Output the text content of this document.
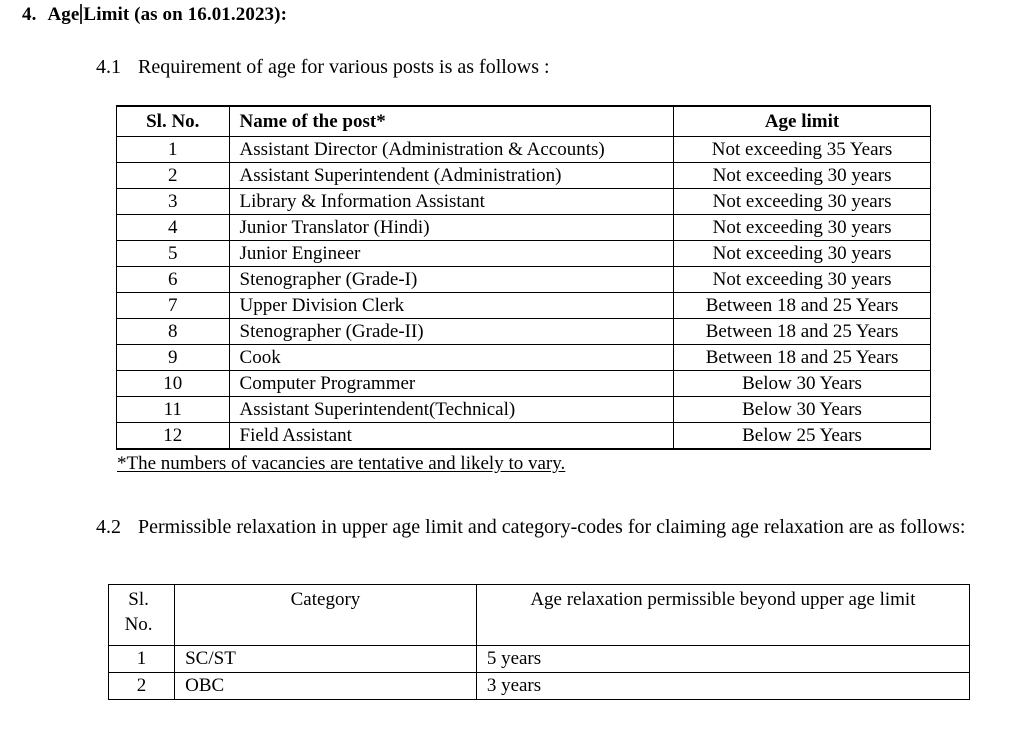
4. Age Limit (as on 16.01.2023):
4.1 Requirement of age for various posts is as follows :
Sl. No.	Name of the post*	Age limit
1	Assistant Director (Administration & Accounts)	Not exceeding 35 Years
2	Assistant Superintendent (Administration)	Not exceeding 30 years
3	Library & Information Assistant	Not exceeding 30 years
4	Junior Translator (Hindi)	Not exceeding 30 years
5	Junior Engineer	Not exceeding 30 years
6	Stenographer (Grade-I)	Not exceeding 30 years
7	Upper Division Clerk	Between 18 and 25 Years
8	Stenographer (Grade-II)	Between 18 and 25 Years
9	Cook	Between 18 and 25 Years
10	Computer Programmer	Below 30 Years
11	Assistant Superintendent(Technical)	Below 30 Years
12	Field Assistant	Below 25 Years
*The numbers of vacancies are tentative and likely to vary.
4.2 Permissible relaxation in upper age limit and category-codes for claiming age relaxation are as follows:
Sl.
No.	Category	Age relaxation permissible beyond upper age limit
1	SC/ST	5 years
2	OBC	3 years
